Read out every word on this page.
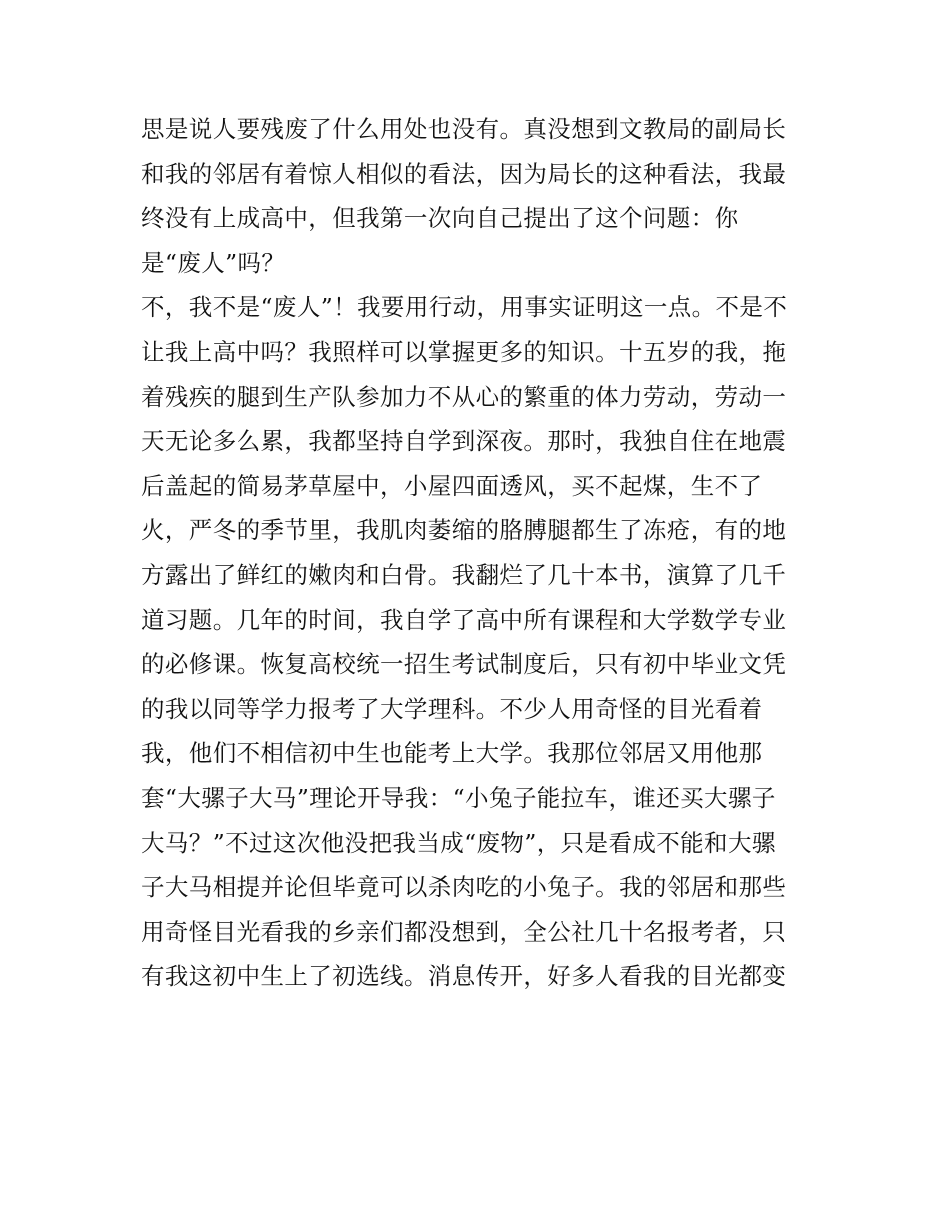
思是说人要残废了什么用处也没有。真没想到文教局的副局长
和我的邻居有着惊人相似的看法，因为局长的这种看法，我最
终没有上成高中，但我第一次向自己提出了这个问题：你
是“废人”吗？
不，我不是“废人”！我要用行动，用事实证明这一点。不是不
让我上高中吗？我照样可以掌握更多的知识。十五岁的我，拖
着残疾的腿到生产队参加力不从心的繁重的体力劳动，劳动一
天无论多么累，我都坚持自学到深夜。那时，我独自住在地震
后盖起的简易茅草屋中，小屋四面透风，买不起煤，生不了
火，严冬的季节里，我肌肉萎缩的胳膊腿都生了冻疮，有的地
方露出了鲜红的嫩肉和白骨。我翻烂了几十本书，演算了几千
道习题。几年的时间，我自学了高中所有课程和大学数学专业
的必修课。恢复高校统一招生考试制度后，只有初中毕业文凭
的我以同等学力报考了大学理科。不少人用奇怪的目光看着
我，他们不相信初中生也能考上大学。我那位邻居又用他那
套“大骡子大马”理论开导我：“小兔子能拉车，谁还买大骡子
大马？”不过这次他没把我当成“废物”，只是看成不能和大骡
子大马相提并论但毕竟可以杀肉吃的小兔子。我的邻居和那些
用奇怪目光看我的乡亲们都没想到，全公社几十名报考者，只
有我这初中生上了初选线。消息传开，好多人看我的目光都变
